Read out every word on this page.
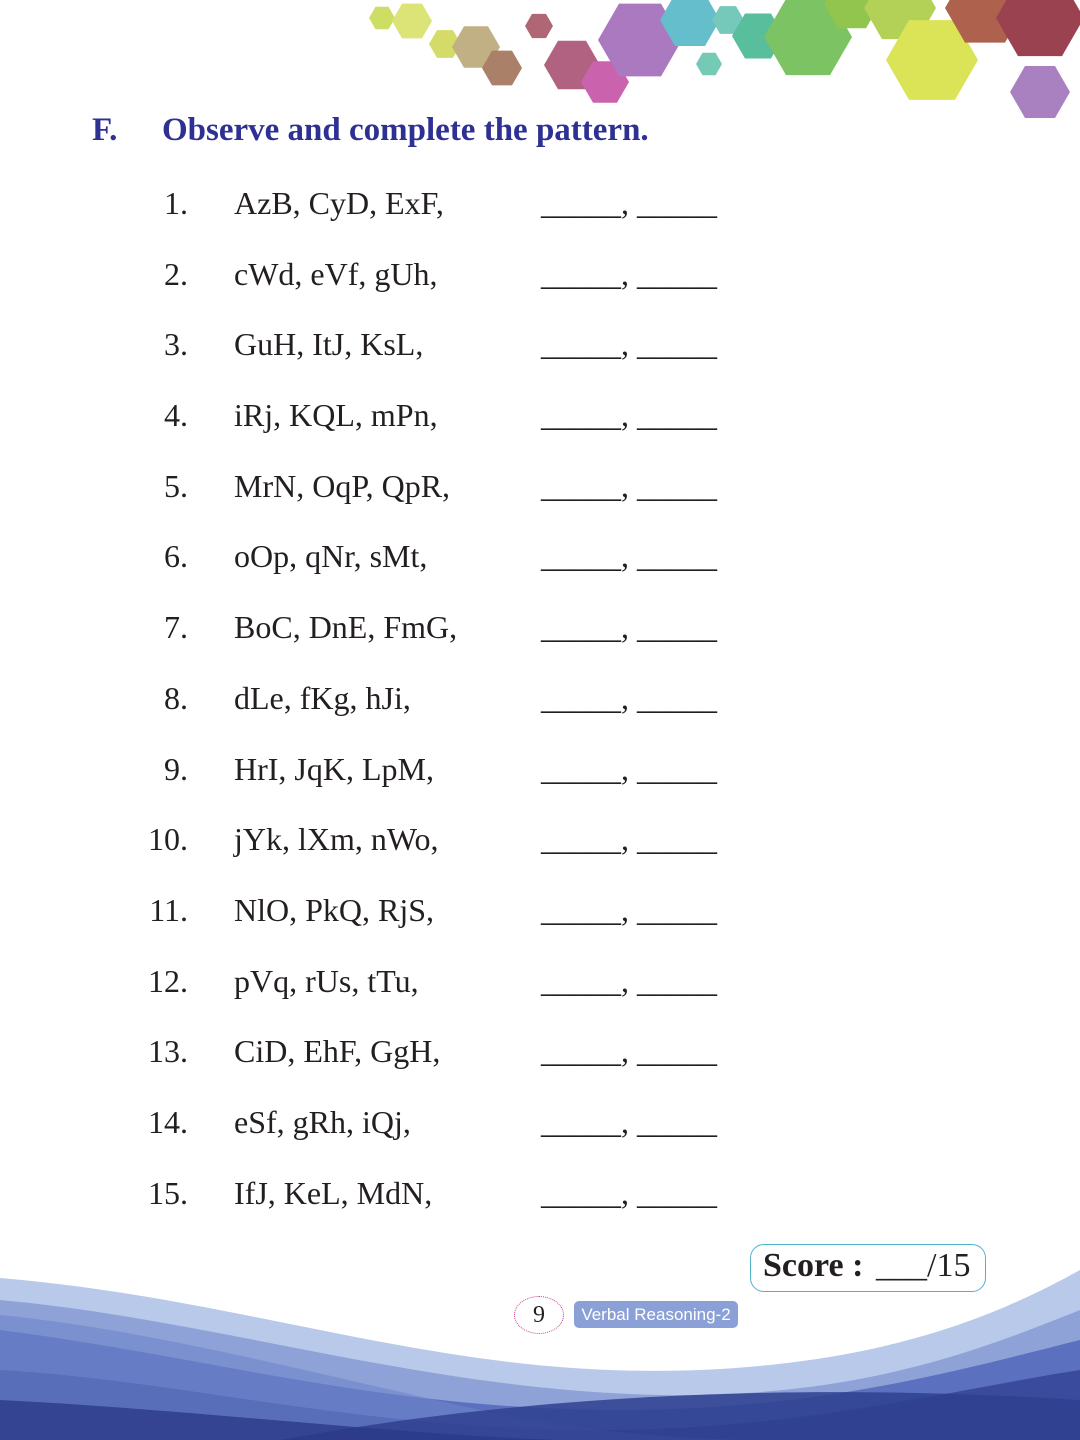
F. Observe and complete the pattern.
1. AzB, CyD, ExF,	_____, _____
2. cWd, eVf, gUh,	_____, _____
3. GuH, ItJ, KsL,	_____, _____
4. iRj, KQL, mPn,	_____, _____
5. MrN, OqP, QpR,	_____, _____
6. oOp, qNr, sMt,	_____, _____
7. BoC, DnE, FmG,	_____, _____
8. dLe, fKg, hJi,	_____, _____
9. HrI, JqK, LpM,	_____, _____
10. jYk, lXm, nWo,	_____, _____
11. NlO, PkQ, RjS,	_____, _____
12. pVq, rUs, tTu,	_____, _____
13. CiD, EhF, GgH,	_____, _____
14. eSf, gRh, iQj,	_____, _____
15. IfJ, KeL, MdN,	_____, _____
Score : ___/15
9	Verbal Reasoning-2
